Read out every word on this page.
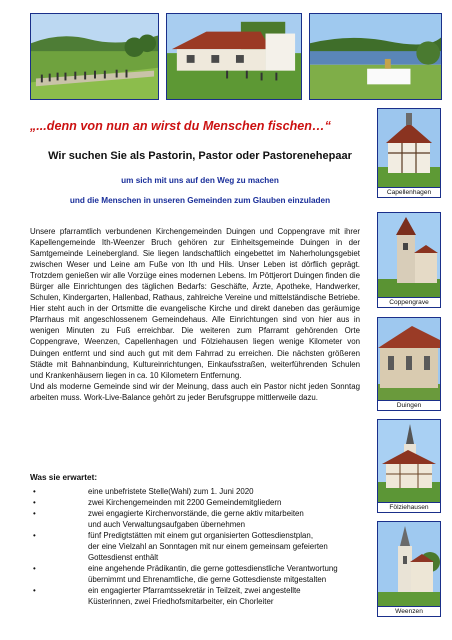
„...denn von nun an wirst du Menschen fischen…“
Wir suchen Sie als Pastorin, Pastor oder Pastorenehepaar
um sich mit uns auf den Weg zu machen
und die Menschen in unseren Gemeinden zum Glauben einzuladen

Unsere pfarramtlich verbundenen Kirchengemeinden Duingen und Coppengrave mit ihrer Kapellengemeinde Ith-Weenzer Bruch gehören zur Einheitsgemeinde Duingen in der Samtgemeinde Leinebergland. Sie liegen landschaftlich eingebettet im Naherholungsgebiet zwischen Weser und Leine am Fuße von Ith und Hils. Unser Leben ist dörflich geprägt. Trotzdem genießen wir alle Vorzüge eines modernen Lebens. Im Pöttjerort Duingen finden die Bürger alle Einrichtungen des täglichen Bedarfs: Geschäfte, Ärzte, Apotheke, Handwerker, Schulen, Kindergarten, Hallenbad, Rathaus, zahlreiche Vereine und mittelständische Betriebe. Hier steht auch in der Ortsmitte die evangelische Kirche und direkt daneben das geräumige Pfarrhaus mit angeschlossenem Gemeindehaus. Alle Einrichtungen sind von hier aus in wenigen Minuten zu Fuß erreichbar. Die weiteren zum Pfarramt gehörenden Orte Coppengrave, Weenzen, Capellenhagen und Fölziehausen liegen wenige Kilometer von Duingen entfernt und sind auch gut mit dem Fahrrad zu erreichen. Die nächsten größeren Städte mit Bahnanbindung, Kultureinrichtungen, Einkaufsstraßen, weiterführenden Schulen und Krankenhäusern liegen in ca. 10 Kilometern Entfernung.

Und als moderne Gemeinde sind wir der Meinung, dass auch ein Pastor nicht jeden Sonntag arbeiten muss. Work-Live-Balance gehört zu jeder Berufsgruppe mittlerweile dazu.

Was sie erwartet:
•	eine unbefristete Stelle(Wahl) zum 1. Juni 2020
•	zwei Kirchengemeinden mit 2200 Gemeindemitgliedern
•	zwei engagierte Kirchenvorstände, die gerne aktiv mitarbeiten
und auch Verwaltungsaufgaben übernehmen
•	fünf Predigtstätten mit einem gut organisierten Gottesdienstplan,
der eine Vielzahl an Sonntagen mit nur einem gemeinsam gefeierten
Gottesdienst enthält
•	eine angehende Prädikantin, die gerne gottesdienstliche Verantwortung
übernimmt und Ehrenamtliche, die gerne Gottesdienste mitgestalten
•	ein engagierter Pfarramtssekretär in Teilzeit, zwei angestellte
Küsterinnen, zwei Friedhofsmitarbeiter, ein Chorleiter
Capellenhagen
Coppengrave
Duingen
Fölziehausen
Weenzen
